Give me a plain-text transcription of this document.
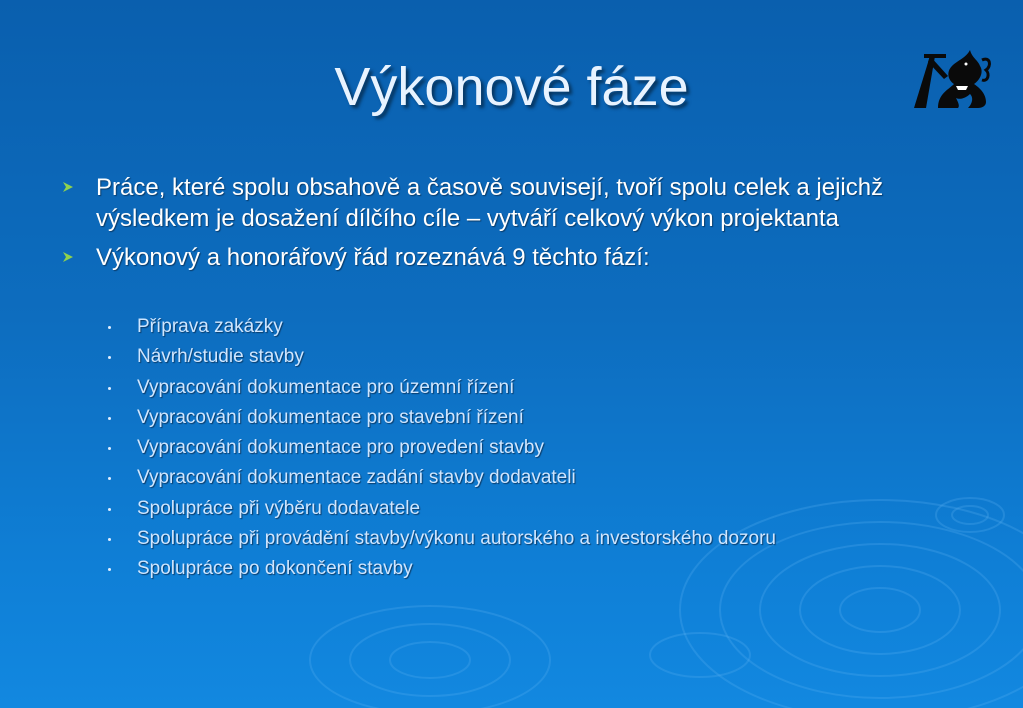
Výkonové fáze
Práce, které spolu obsahově a časově souvisejí, tvoří spolu celek a jejichž výsledkem je dosažení dílčího cíle – vytváří celkový výkon projektanta
Výkonový a honorářový řád rozeznává 9 těchto fází:
Příprava zakázky
Návrh/studie stavby
Vypracování dokumentace pro územní řízení
Vypracování dokumentace pro stavební řízení
Vypracování dokumentace pro provedení stavby
Vypracování dokumentace zadání stavby dodavateli
Spolupráce při výběru dodavatele
Spolupráce při provádění stavby/výkonu autorského a investorského dozoru
Spolupráce po dokončení stavby
